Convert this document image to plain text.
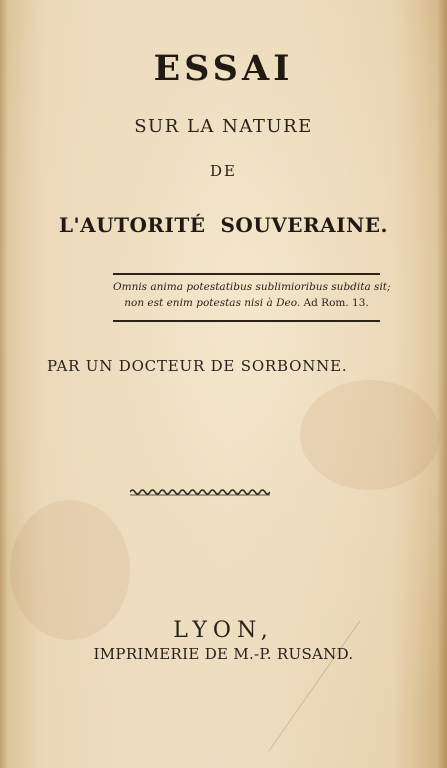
ESSAI
SUR LA NATURE
DE
L'AUTORITÉ  SOUVERAINE.
Omnis anima potestatibus sublimioribus subdita sit;
non est enim potestas nisi à Deo. Ad Rom. 13.
PAR UN DOCTEUR DE SORBONNE.
LYON,
IMPRIMERIE DE M.-P. RUSAND.
